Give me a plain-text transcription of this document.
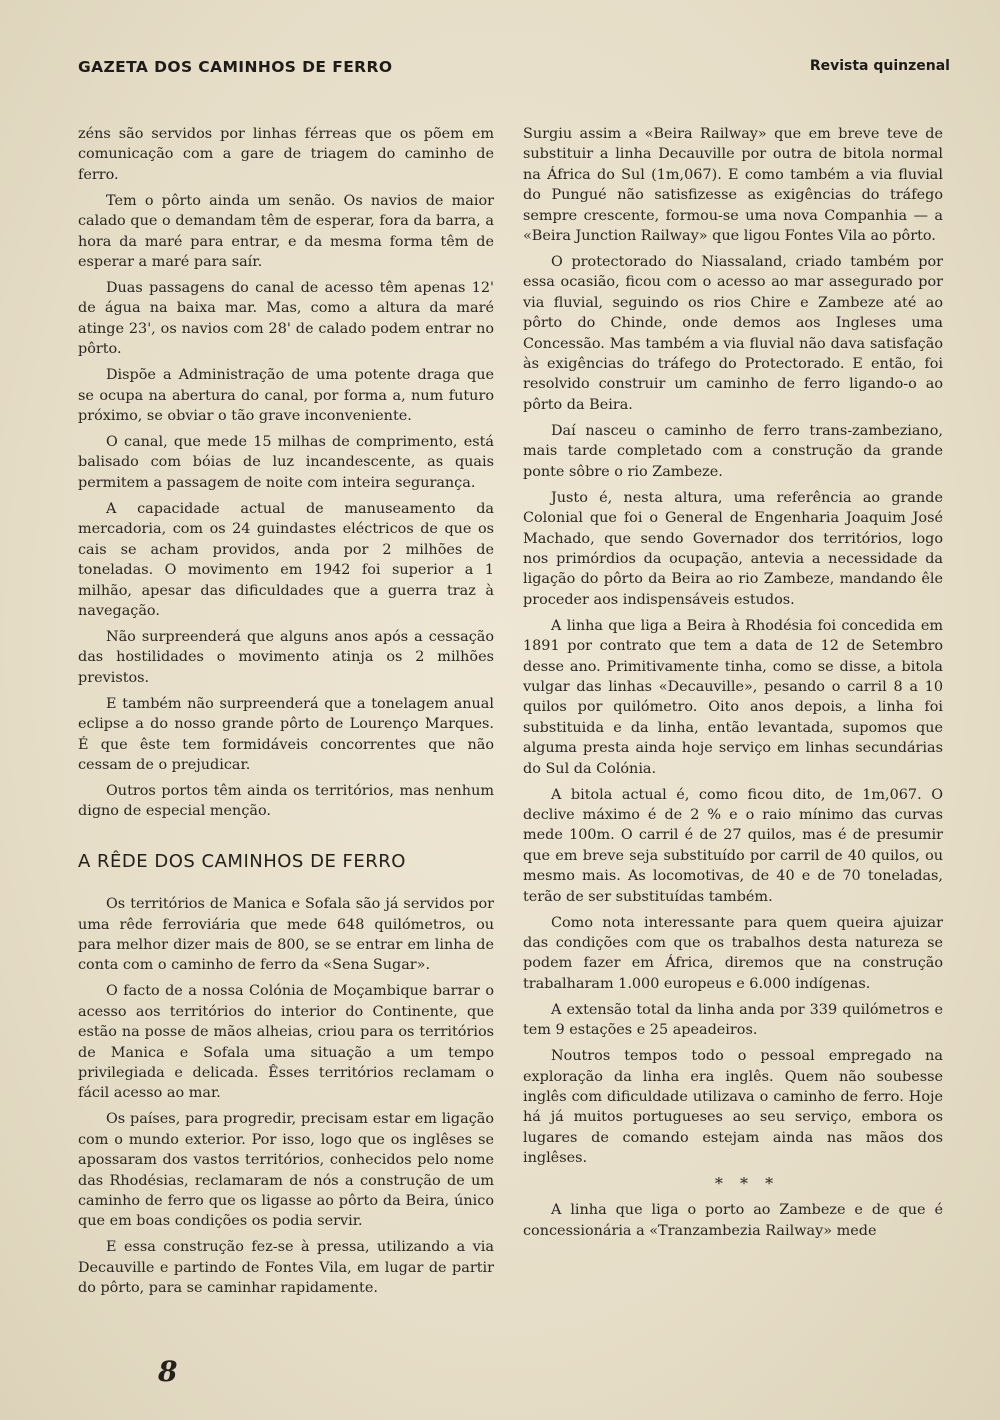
GAZETA DOS CAMINHOS DE FERRO	Revista quinzenal

zéns são servidos por linhas férreas que os põem em comunicação com a gare de triagem do caminho de ferro.

Tem o pôrto ainda um senão. Os navios de maior calado que o demandam têm de esperar, fora da barra, a hora da maré para entrar, e da mesma forma têm de esperar a maré para saír.

Duas passagens do canal de acesso têm apenas 12' de água na baixa mar. Mas, como a altura da maré atinge 23', os navios com 28' de calado podem entrar no pôrto.

Dispõe a Administração de uma potente draga que se ocupa na abertura do canal, por forma a, num futuro próximo, se obviar o tão grave inconveniente.

O canal, que mede 15 milhas de comprimento, está balisado com bóias de luz incandescente, as quais permitem a passagem de noite com inteira segurança.

A capacidade actual de manuseamento da mercadoria, com os 24 guindastes eléctricos de que os cais se acham providos, anda por 2 milhões de toneladas. O movimento em 1942 foi superior a 1 milhão, apesar das dificuldades que a guerra traz à navegação.

Não surpreenderá que alguns anos após a cessação das hostilidades o movimento atinja os 2 milhões previstos.

E também não surpreenderá que a tonelagem anual eclipse a do nosso grande pôrto de Lourenço Marques. É que êste tem formidáveis concorrentes que não cessam de o prejudicar.

Outros portos têm ainda os territórios, mas nenhum digno de especial menção.

A RÊDE DOS CAMINHOS DE FERRO

Os territórios de Manica e Sofala são já servidos por uma rêde ferroviária que mede 648 quilómetros, ou para melhor dizer mais de 800, se se entrar em linha de conta com o caminho de ferro da «Sena Sugar».

O facto de a nossa Colónia de Moçambique barrar o acesso aos territórios do interior do Continente, que estão na posse de mãos alheias, criou para os territórios de Manica e Sofala uma situação a um tempo privilegiada e delicada. Êsses territórios reclamam o fácil acesso ao mar.

Os países, para progredir, precisam estar em ligação com o mundo exterior. Por isso, logo que os inglêses se apossaram dos vastos territórios, conhecidos pelo nome das Rhodésias, reclamaram de nós a construção de um caminho de ferro que os ligasse ao pôrto da Beira, único que em boas condições os podia servir.

E essa construção fez-se à pressa, utilizando a via Decauville e partindo de Fontes Vila, em lugar de partir do pôrto, para se caminhar rapidamente.

Surgiu assim a «Beira Railway» que em breve teve de substituir a linha Decauville por outra de bitola normal na África do Sul (1m,067). E como também a via fluvial do Pungué não satisfizesse as exigências do tráfego sempre crescente, formou-se uma nova Companhia — a «Beira Junction Railway» que ligou Fontes Vila ao pôrto.

O protectorado do Niassaland, criado também por essa ocasião, ficou com o acesso ao mar assegurado por via fluvial, seguindo os rios Chire e Zambeze até ao pôrto do Chinde, onde demos aos Ingleses uma Concessão. Mas também a via fluvial não dava satisfação às exigências do tráfego do Protectorado. E então, foi resolvido construir um caminho de ferro ligando-o ao pôrto da Beira.

Daí nasceu o caminho de ferro trans-zambeziano, mais tarde completado com a construção da grande ponte sôbre o rio Zambeze.

Justo é, nesta altura, uma referência ao grande Colonial que foi o General de Engenharia Joaquim José Machado, que sendo Governador dos territórios, logo nos primórdios da ocupação, antevia a necessidade da ligação do pôrto da Beira ao rio Zambeze, mandando êle proceder aos indispensáveis estudos.

A linha que liga a Beira à Rhodésia foi concedida em 1891 por contrato que tem a data de 12 de Setembro desse ano. Primitivamente tinha, como se disse, a bitola vulgar das linhas «Decauville», pesando o carril 8 a 10 quilos por quilómetro. Oito anos depois, a linha foi substituida e da linha, então levantada, supomos que alguma presta ainda hoje serviço em linhas secundárias do Sul da Colónia.

A bitola actual é, como ficou dito, de 1m,067. O declive máximo é de 2 % e o raio mínimo das curvas mede 100m. O carril é de 27 quilos, mas é de presumir que em breve seja substituído por carril de 40 quilos, ou mesmo mais. As locomotivas, de 40 e de 70 toneladas, terão de ser substituídas também.

Como nota interessante para quem queira ajuizar das condições com que os trabalhos desta natureza se podem fazer em África, diremos que na construção trabalharam 1.000 europeus e 6.000 indígenas.

A extensão total da linha anda por 339 quilómetros e tem 9 estações e 25 apeadeiros.

Noutros tempos todo o pessoal empregado na exploração da linha era inglês. Quem não soubesse inglês com dificuldade utilizava o caminho de ferro. Hoje há já muitos portugueses ao seu serviço, embora os lugares de comando estejam ainda nas mãos dos inglêses.

* * *

A linha que liga o porto ao Zambeze e de que é concessionária a «Tranzambezia Railway» mede

8
